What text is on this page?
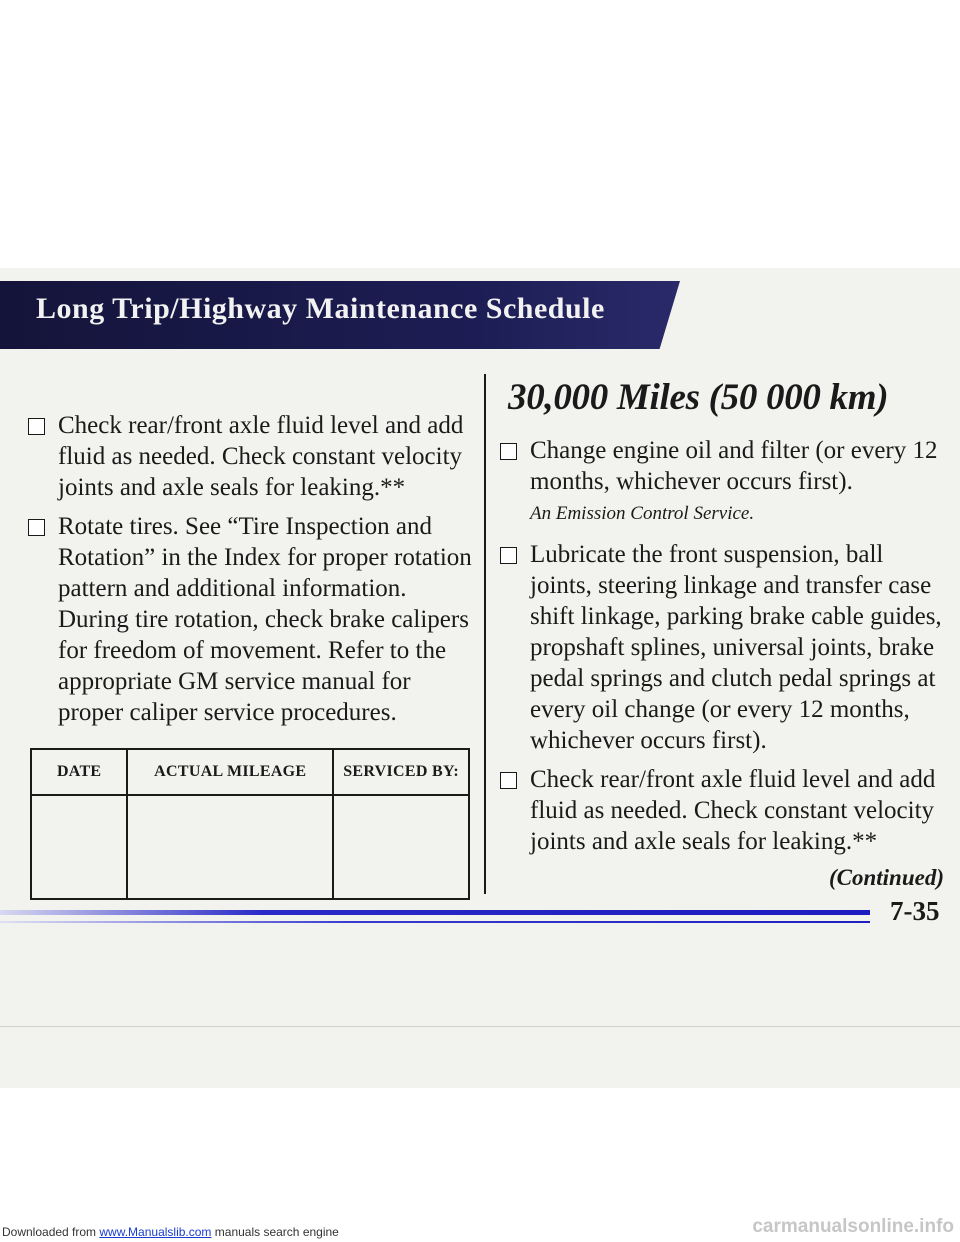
Long Trip/Highway Maintenance Schedule
Check rear/front axle fluid level and add fluid as needed. Check constant velocity joints and axle seals for leaking.**
Rotate tires. See “Tire Inspection and Rotation” in the Index for proper rotation pattern and additional information. During tire rotation, check brake calipers for freedom of movement. Refer to the appropriate GM service manual for proper caliper service procedures.
DATE	ACTUAL MILEAGE	SERVICED BY:

30,000 Miles (50 000 km)
Change engine oil and filter (or every 12 months, whichever occurs first).
An Emission Control Service.
Lubricate the front suspension, ball joints, steering linkage and transfer case shift linkage, parking brake cable guides, propshaft splines, universal joints, brake pedal springs and clutch pedal springs at every oil change (or every 12 months, whichever occurs first).
Check rear/front axle fluid level and add fluid as needed. Check constant velocity joints and axle seals for leaking.**
(Continued)
7-35
Downloaded from www.Manualslib.com manuals search engine	carmanualsonline.info
